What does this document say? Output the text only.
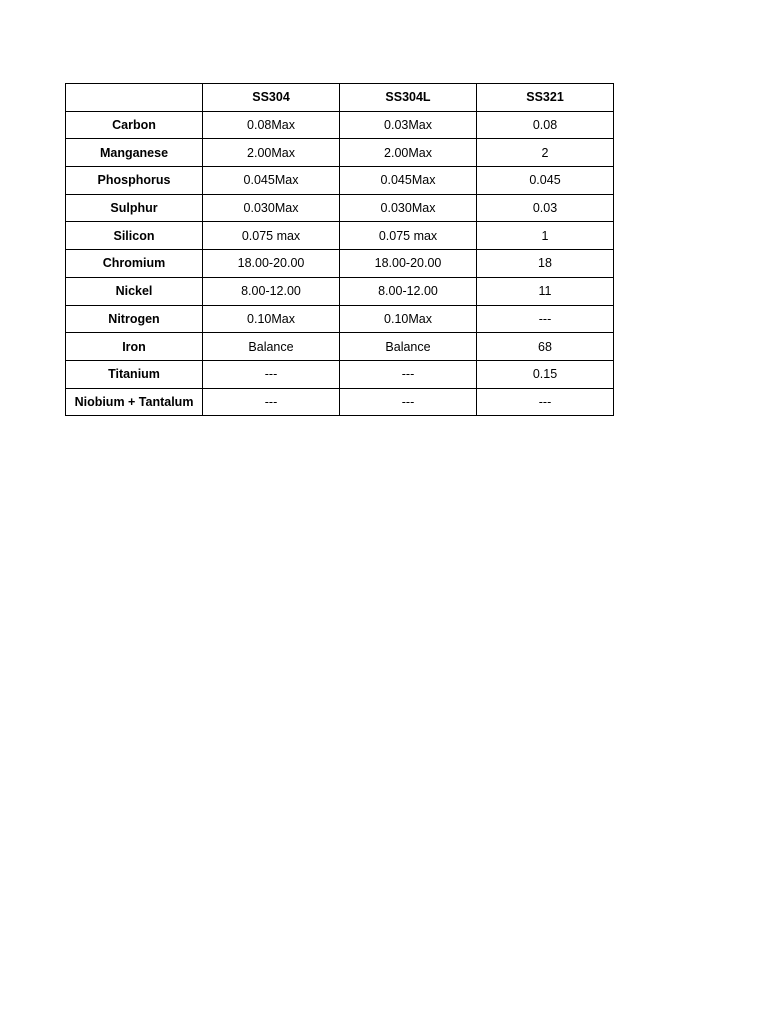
	SS304	SS304L	SS321
Carbon	0.08Max	0.03Max	0.08
Manganese	2.00Max	2.00Max	2
Phosphorus	0.045Max	0.045Max	0.045
Sulphur	0.030Max	0.030Max	0.03
Silicon	0.075 max	0.075 max	1
Chromium	18.00-20.00	18.00-20.00	18
Nickel	8.00-12.00	8.00-12.00	11
Nitrogen	0.10Max	0.10Max	---
Iron	Balance	Balance	68
Titanium	---	---	0.15
Niobium + Tantalum	---	---	---
